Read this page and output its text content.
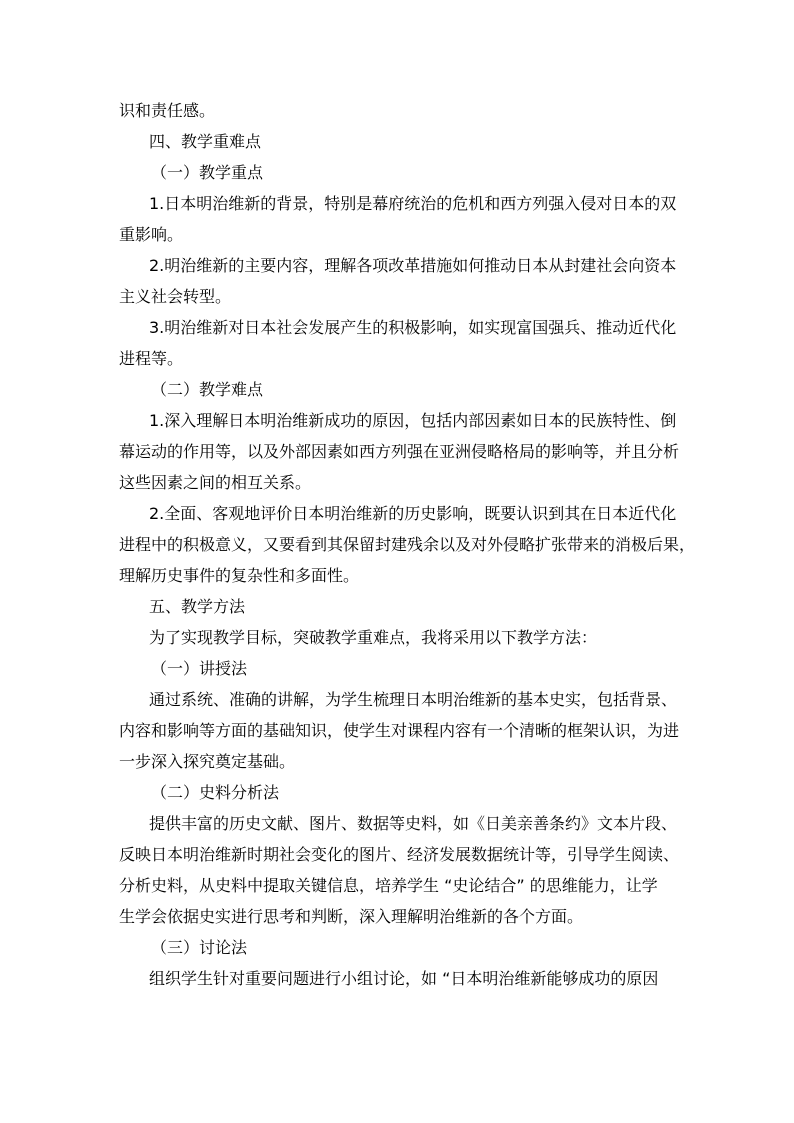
识和责任感。
四、教学重难点
（一）教学重点
1.日本明治维新的背景，特别是幕府统治的危机和西方列强入侵对日本的双
重影响。
2.明治维新的主要内容，理解各项改革措施如何推动日本从封建社会向资本
主义社会转型。
3.明治维新对日本社会发展产生的积极影响，如实现富国强兵、推动近代化
进程等。
（二）教学难点
1.深入理解日本明治维新成功的原因，包括内部因素如日本的民族特性、倒
幕运动的作用等，以及外部因素如西方列强在亚洲侵略格局的影响等，并且分析
这些因素之间的相互关系。
2.全面、客观地评价日本明治维新的历史影响，既要认识到其在日本近代化
进程中的积极意义，又要看到其保留封建残余以及对外侵略扩张带来的消极后果，
理解历史事件的复杂性和多面性。
五、教学方法
为了实现教学目标，突破教学重难点，我将采用以下教学方法：
（一）讲授法
通过系统、准确的讲解，为学生梳理日本明治维新的基本史实，包括背景、
内容和影响等方面的基础知识，使学生对课程内容有一个清晰的框架认识，为进
一步深入探究奠定基础。
（二）史料分析法
提供丰富的历史文献、图片、数据等史料，如《日美亲善条约》文本片段、
反映日本明治维新时期社会变化的图片、经济发展数据统计等，引导学生阅读、
分析史料，从史料中提取关键信息，培养学生 “史论结合” 的思维能力，让学
生学会依据史实进行思考和判断，深入理解明治维新的各个方面。
（三）讨论法
组织学生针对重要问题进行小组讨论，如 “日本明治维新能够成功的原因
